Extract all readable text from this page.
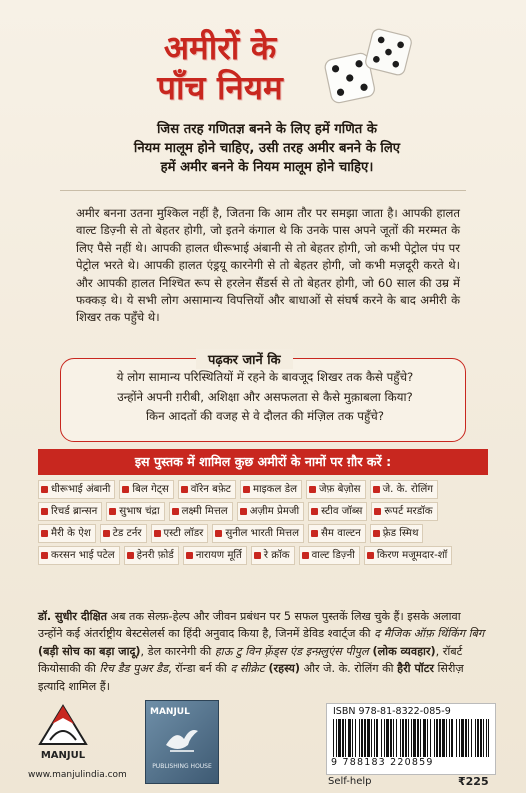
अमीरों के
पाँच नियम
जिस तरह गणितज्ञ बनने के लिए हमें गणित के
नियम मालूम होने चाहिए, उसी तरह अमीर बनने के लिए
हमें अमीर बनने के नियम मालूम होने चाहिए।
अमीर बनना उतना मुश्किल नहीं है, जितना कि आम तौर पर समझा जाता है। आपकी हालत वाल्ट डिज़्नी से तो बेहतर होगी, जो इतने कंगाल थे कि उनके पास अपने जूतों की मरम्मत के लिए पैसे नहीं थे। आपकी हालत धीरूभाई अंबानी से तो बेहतर होगी, जो कभी पेट्रोल पंप पर पेट्रोल भरते थे। आपकी हालत एंड्रयू कारनेगी से तो बेहतर होगी, जो कभी मज़दूरी करते थे। और आपकी हालत निश्चित रूप से हरलेन सैंडर्स से तो बेहतर होगी, जो 60 साल की उम्र में फक्कड़ थे। ये सभी लोग असामान्य विपत्तियों और बाधाओं से संघर्ष करने के बाद अमीरी के शिखर तक पहुँचे थे।
पढ़कर जानें कि
ये लोग सामान्य परिस्थितियों में रहने के बावजूद शिखर तक कैसे पहुँचे?
उन्होंने अपनी ग़रीबी, अशिक्षा और असफलता से कैसे मुक़ाबला किया?
किन आदतों की वजह से वे दौलत की मंज़िल तक पहुँचे?
इस पुस्तक में शामिल कुछ अमीरों के नामों पर ग़ौर करें :
धीरूभाई अंबानी बिल गेट्स वॉरेन बफ़ेट माइकल डेल जेफ़ बेज़ोस जे. के. रोलिंग
रिचर्ड ब्रान्सन सुभाष चंद्रा लक्ष्मी मित्तल अज़ीम प्रेमजी स्टीव जॉब्स रूपर्ट मरडॉक
मैरी के ऐश टेड टर्नर एस्टी लॉडर सुनील भारती मित्तल सैम वाल्टन फ़्रेड स्मिथ
करसन भाई पटेल हेनरी फ़ोर्ड नारायण मूर्ति रे क्रॉक वाल्ट डिज़्नी किरण मजूमदार-शॉ
डॉ. सुधीर दीक्षित अब तक सेल्फ़-हेल्प और जीवन प्रबंधन पर 5 सफल पुस्तकें लिख चुके हैं। इसके अलावा उन्होंने कई अंतर्राष्ट्रीय बेस्टसेलर्स का हिंदी अनुवाद किया है, जिनमें डेविड श्वार्ट्ज की द मैजिक ऑफ़ थिंकिंग बिग (बड़ी सोच का बड़ा जादू), डेल कारनेगी की हाऊ टु विन फ़्रेंड्स एंड इन्फ़्लुएंस पीपुल (लोक व्यवहार), रॉबर्ट कियोसाकी की रिच डैड पुअर डैड, रॉन्डा बर्न की द सीक्रेट (रहस्य) और जे. के. रोलिंग की हैरी पॉटर सिरीज़ इत्यादि शामिल हैं।
MANJUL
www.manjulindia.com
MANJUL
PUBLISHING HOUSE
ISBN 978-81-8322-085-9
9 788183 220859
Self-help	₹225
